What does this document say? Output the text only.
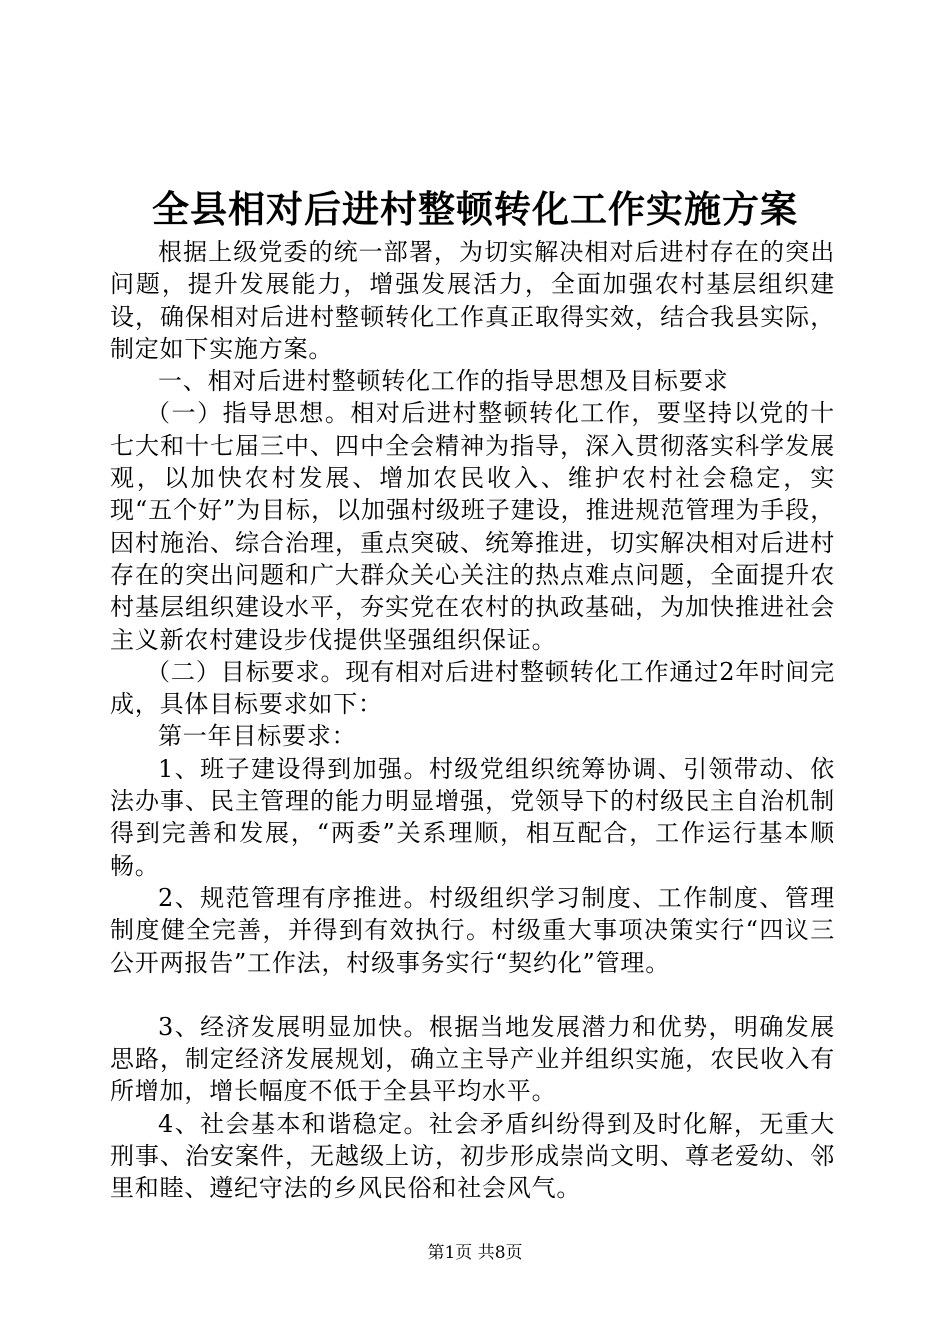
全县相对后进村整顿转化工作实施方案

根据上级党委的统一部署，为切实解决相对后进村存在的突出问题，提升发展能力，增强发展活力，全面加强农村基层组织建设，确保相对后进村整顿转化工作真正取得实效，结合我县实际，制定如下实施方案。

一、相对后进村整顿转化工作的指导思想及目标要求

（一）指导思想。相对后进村整顿转化工作，要坚持以党的十七大和十七届三中、四中全会精神为指导，深入贯彻落实科学发展观，以加快农村发展、增加农民收入、维护农村社会稳定，实现“五个好”为目标，以加强村级班子建设，推进规范管理为手段，因村施治、综合治理，重点突破、统筹推进，切实解决相对后进村存在的突出问题和广大群众关心关注的热点难点问题，全面提升农村基层组织建设水平，夯实党在农村的执政基础，为加快推进社会主义新农村建设步伐提供坚强组织保证。

（二）目标要求。现有相对后进村整顿转化工作通过2年时间完成，具体目标要求如下：

第一年目标要求：

1、班子建设得到加强。村级党组织统筹协调、引领带动、依法办事、民主管理的能力明显增强，党领导下的村级民主自治机制得到完善和发展，“两委”关系理顺，相互配合，工作运行基本顺畅。

2、规范管理有序推进。村级组织学习制度、工作制度、管理制度健全完善，并得到有效执行。村级重大事项决策实行“四议三公开两报告”工作法，村级事务实行“契约化”管理。

3、经济发展明显加快。根据当地发展潜力和优势，明确发展思路，制定经济发展规划，确立主导产业并组织实施，农民收入有所增加，增长幅度不低于全县平均水平。

4、社会基本和谐稳定。社会矛盾纠纷得到及时化解，无重大刑事、治安案件，无越级上访，初步形成崇尚文明、尊老爱幼、邻里和睦、遵纪守法的乡风民俗和社会风气。

第1页 共8页
